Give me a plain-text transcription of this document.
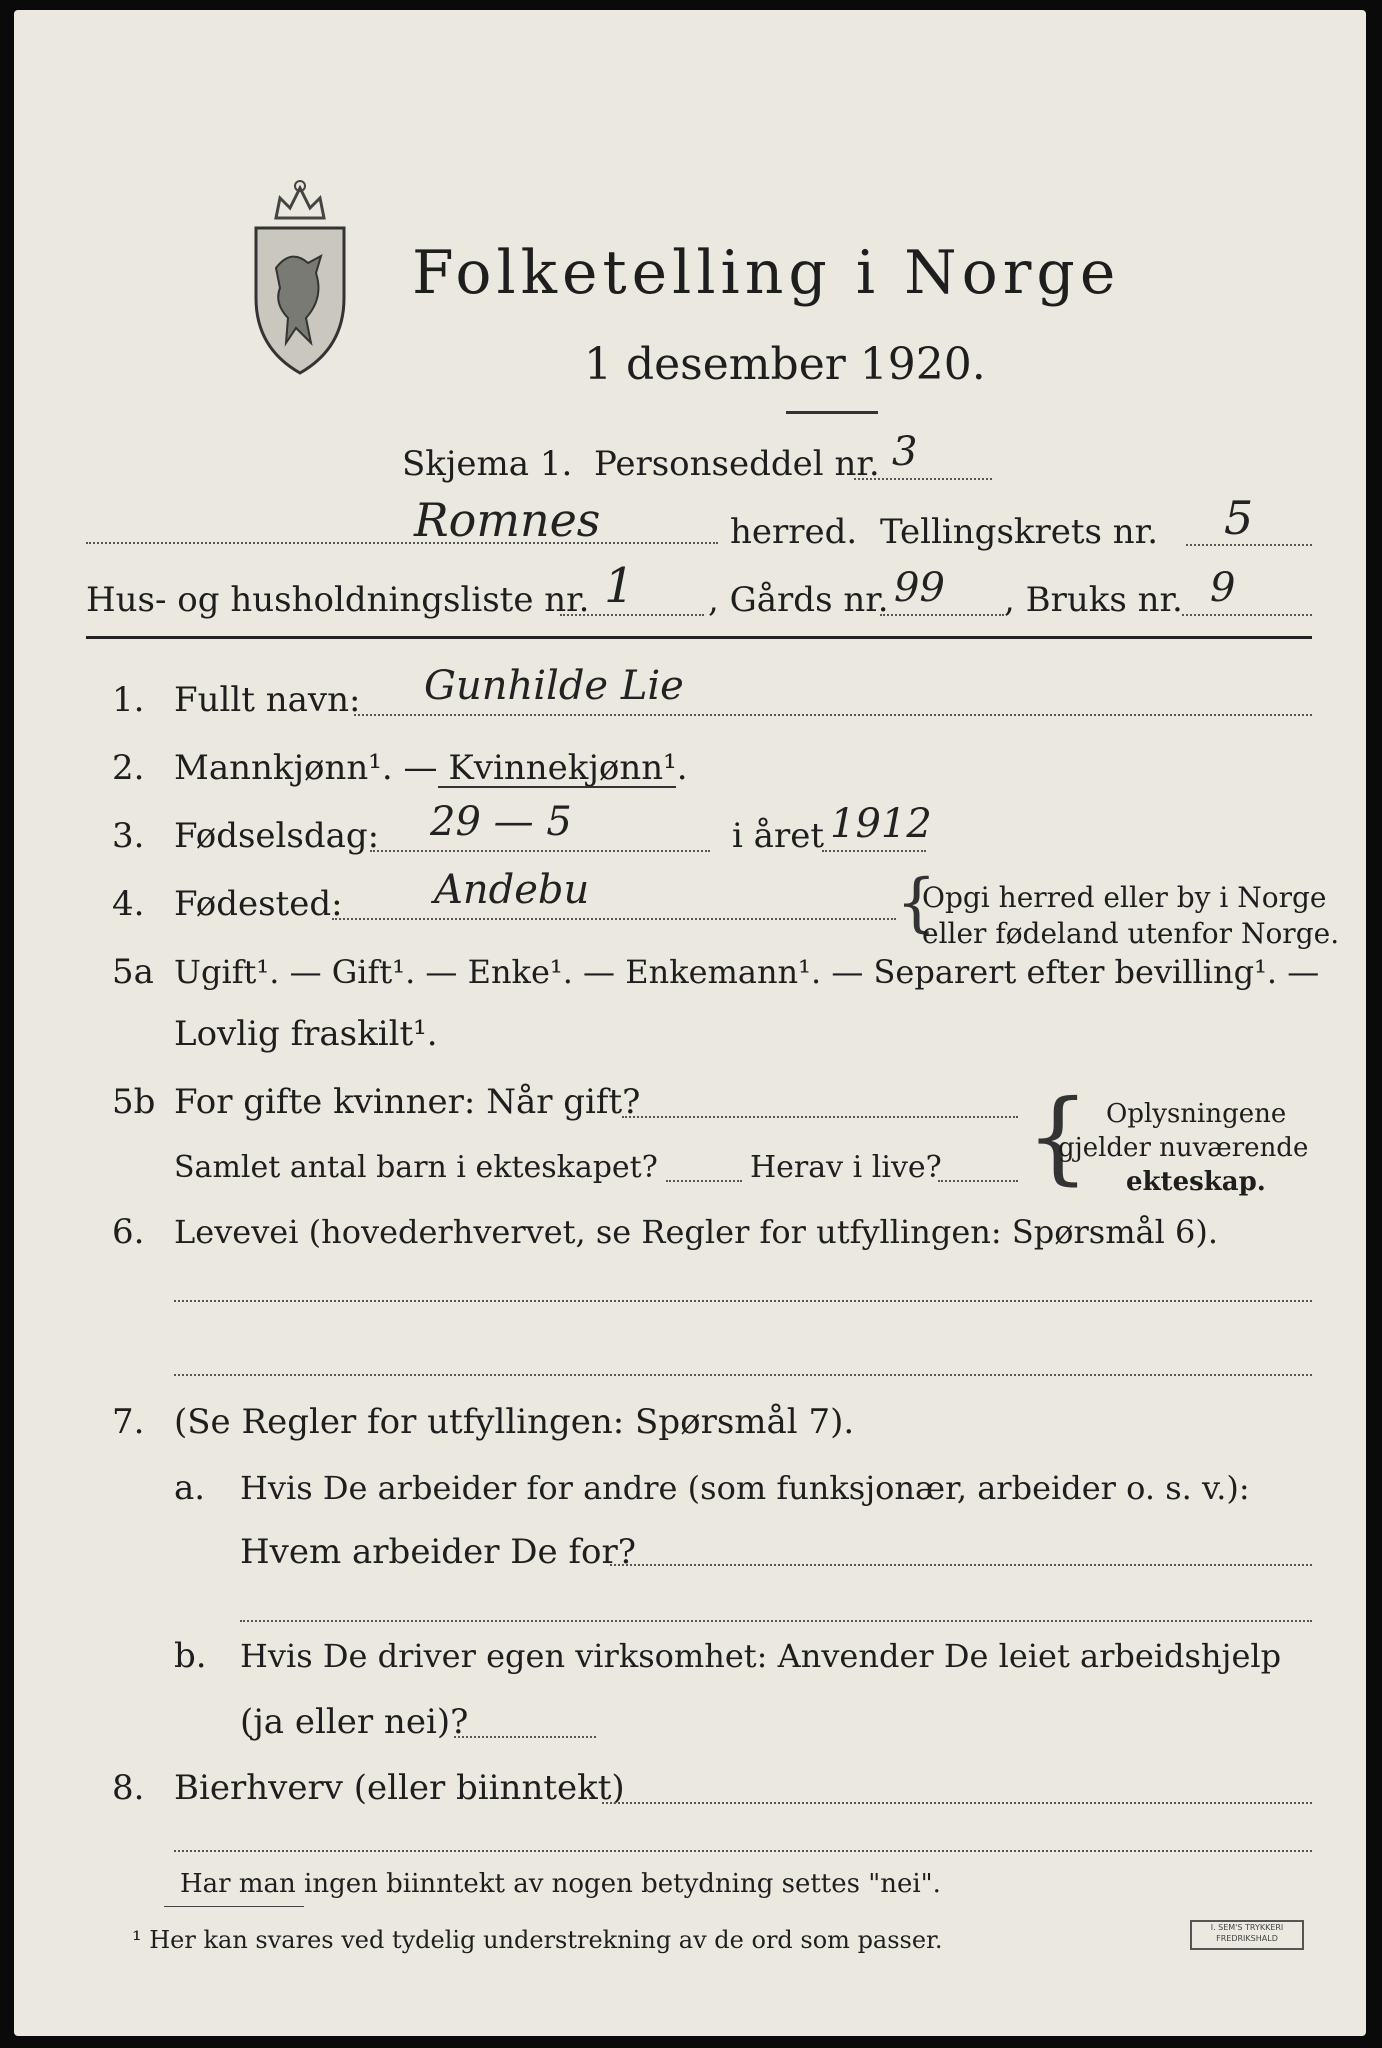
Folketelling i Norge
1 desember 1920.
Skjema 1. Personseddel nr. 3
Romnes	herred. Tellingskrets nr. 5
Hus- og husholdningsliste nr. 1 , Gårds nr. 99 , Bruks nr. 9
1. Fullt navn: Gunhilde Lie
2. Mannkjønn¹. — Kvinnekjønn¹.
3. Fødselsdag: 29 — 5	i året 1912
4. Fødested: Andebu	{
Opgi herred eller by i Norge
eller fødeland utenfor Norge.
5a Ugift¹. — Gift¹. — Enke¹. — Enkemann¹. — Separert efter bevilling¹. —
Lovlig fraskilt¹.
5b For gifte kvinner: Når gift?
Samlet antal barn i ekteskapet?	Herav i live? { Oplysningene
gjelder nuværende
ekteskap.
6. Levevei (hovederhvervet, se Regler for utfyllingen: Spørsmål 6).
7. (Se Regler for utfyllingen: Spørsmål 7).
a. Hvis De arbeider for andre (som funksjonær, arbeider o. s. v.):
Hvem arbeider De for?
b. Hvis De driver egen virksomhet: Anvender De leiet arbeidshjelp
(ja eller nei)?
8. Bierhverv (eller biinntekt)
Har man ingen biinntekt av nogen betydning settes "nei".
¹ Her kan svares ved tydelig understrekning av de ord som passer.	I. SEM'S TRYKKERI FREDRIKSHALD
